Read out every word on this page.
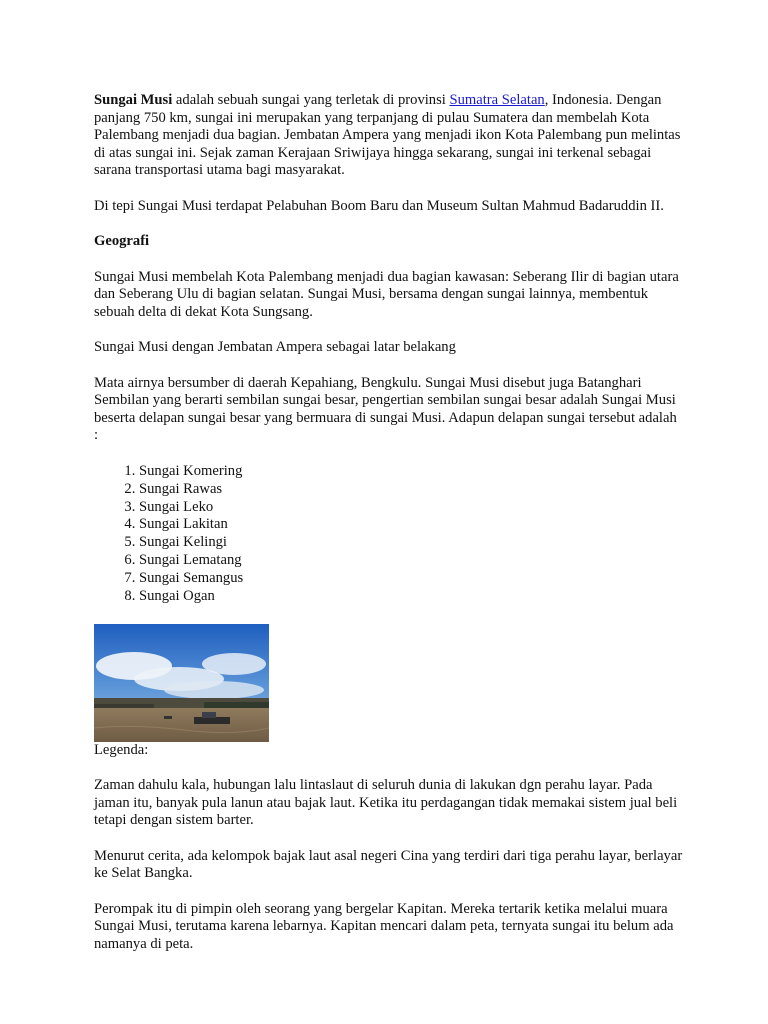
Sungai Musi adalah sebuah sungai yang terletak di provinsi Sumatra Selatan, Indonesia. Dengan panjang 750 km, sungai ini merupakan yang terpanjang di pulau Sumatera dan membelah Kota Palembang menjadi dua bagian. Jembatan Ampera yang menjadi ikon Kota Palembang pun melintas di atas sungai ini. Sejak zaman Kerajaan Sriwijaya hingga sekarang, sungai ini terkenal sebagai sarana transportasi utama bagi masyarakat.

Di tepi Sungai Musi terdapat Pelabuhan Boom Baru dan Museum Sultan Mahmud Badaruddin II.

Geografi

Sungai Musi membelah Kota Palembang menjadi dua bagian kawasan: Seberang Ilir di bagian utara dan Seberang Ulu di bagian selatan. Sungai Musi, bersama dengan sungai lainnya, membentuk sebuah delta di dekat Kota Sungsang.

Sungai Musi dengan Jembatan Ampera sebagai latar belakang

Mata airnya bersumber di daerah Kepahiang, Bengkulu. Sungai Musi disebut juga Batanghari Sembilan yang berarti sembilan sungai besar, pengertian sembilan sungai besar adalah Sungai Musi beserta delapan sungai besar yang bermuara di sungai Musi. Adapun delapan sungai tersebut adalah :

1. Sungai Komering
2. Sungai Rawas
3. Sungai Leko
4. Sungai Lakitan
5. Sungai Kelingi
6. Sungai Lematang
7. Sungai Semangus
8. Sungai Ogan

Legenda:

Zaman dahulu kala, hubungan lalu lintaslaut di seluruh dunia di lakukan dgn perahu layar. Pada jaman itu, banyak pula lanun atau bajak laut. Ketika itu perdagangan tidak memakai sistem jual beli tetapi dengan sistem barter.

Menurut cerita, ada kelompok bajak laut asal negeri Cina yang terdiri dari tiga perahu layar, berlayar ke Selat Bangka.

Perompak itu di pimpin oleh seorang yang bergelar Kapitan. Mereka tertarik ketika melalui muara Sungai Musi, terutama karena lebarnya. Kapitan mencari dalam peta, ternyata sungai itu belum ada namanya di peta.
